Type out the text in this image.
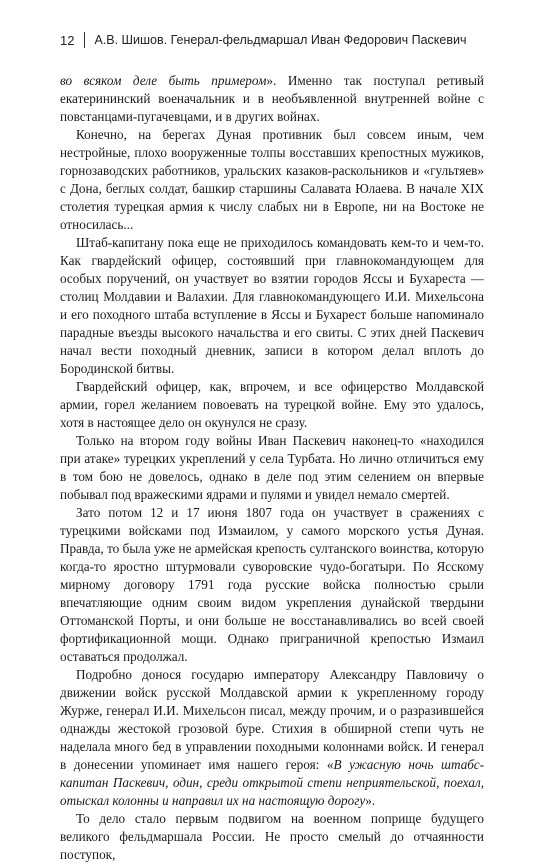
12 А.В. Шишов. Генерал-фельдмаршал Иван Федорович Паскевич

во всяком деле быть примером». Именно так поступал ретивый екатерининский военачальник и в необъявленной внутренней войне с повстанцами-пугачевцами, и в других войнах.

Конечно, на берегах Дуная противник был совсем иным, чем нестройные, плохо вооруженные толпы восставших крепостных мужиков, горнозаводских работников, уральских казаков-раскольников и «гультяев» с Дона, беглых солдат, башкир старшины Салавата Юлаева. В начале XIX столетия турецкая армия к числу слабых ни в Европе, ни на Востоке не относилась...

Штаб-капитану пока еще не приходилось командовать кем-то и чем-то. Как гвардейский офицер, состоявший при главнокомандующем для особых поручений, он участвует во взятии городов Яссы и Бухареста — столиц Молдавии и Валахии. Для главнокомандующего И.И. Михельсона и его походного штаба вступление в Яссы и Бухарест больше напоминало парадные въезды высокого начальства и его свиты. С этих дней Паскевич начал вести походный дневник, записи в котором делал вплоть до Бородинской битвы.

Гвардейский офицер, как, впрочем, и все офицерство Молдавской армии, горел желанием повоевать на турецкой войне. Ему это удалось, хотя в настоящее дело он окунулся не сразу.

Только на втором году войны Иван Паскевич наконец-то «находился при атаке» турецких укреплений у села Турбата. Но лично отличиться ему в том бою не довелось, однако в деле под этим селением он впервые побывал под вражескими ядрами и пулями и увидел немало смертей.

Зато потом 12 и 17 июня 1807 года он участвует в сражениях с турецкими войсками под Измаилом, у самого морского устья Дуная. Правда, то была уже не армейская крепость султанского воинства, которую когда-то яростно штурмовали суворовские чудо-богатыри. По Ясскому мирному договору 1791 года русские войска полностью срыли впечатляющие одним своим видом укрепления дунайской твердыни Оттоманской Порты, и они больше не восстанавливались во всей своей фортификационной мощи. Однако приграничной крепостью Измаил оставаться продолжал.

Подробно донося государю императору Александру Павловичу о движении войск русской Молдавской армии к укрепленному городу Журже, генерал И.И. Михельсон писал, между прочим, и о разразившейся однажды жестокой грозовой буре. Стихия в обширной степи чуть не наделала много бед в управлении походными колоннами войск. И генерал в донесении упоминает имя нашего героя: «В ужасную ночь штабс-капитан Паскевич, один, среди открытой степи неприятельской, поехал, отыскал колонны и направил их на настоящую дорогу».

То дело стало первым подвигом на военном поприще будущего великого фельдмаршала России. Не просто смелый до отчаянности поступок,
